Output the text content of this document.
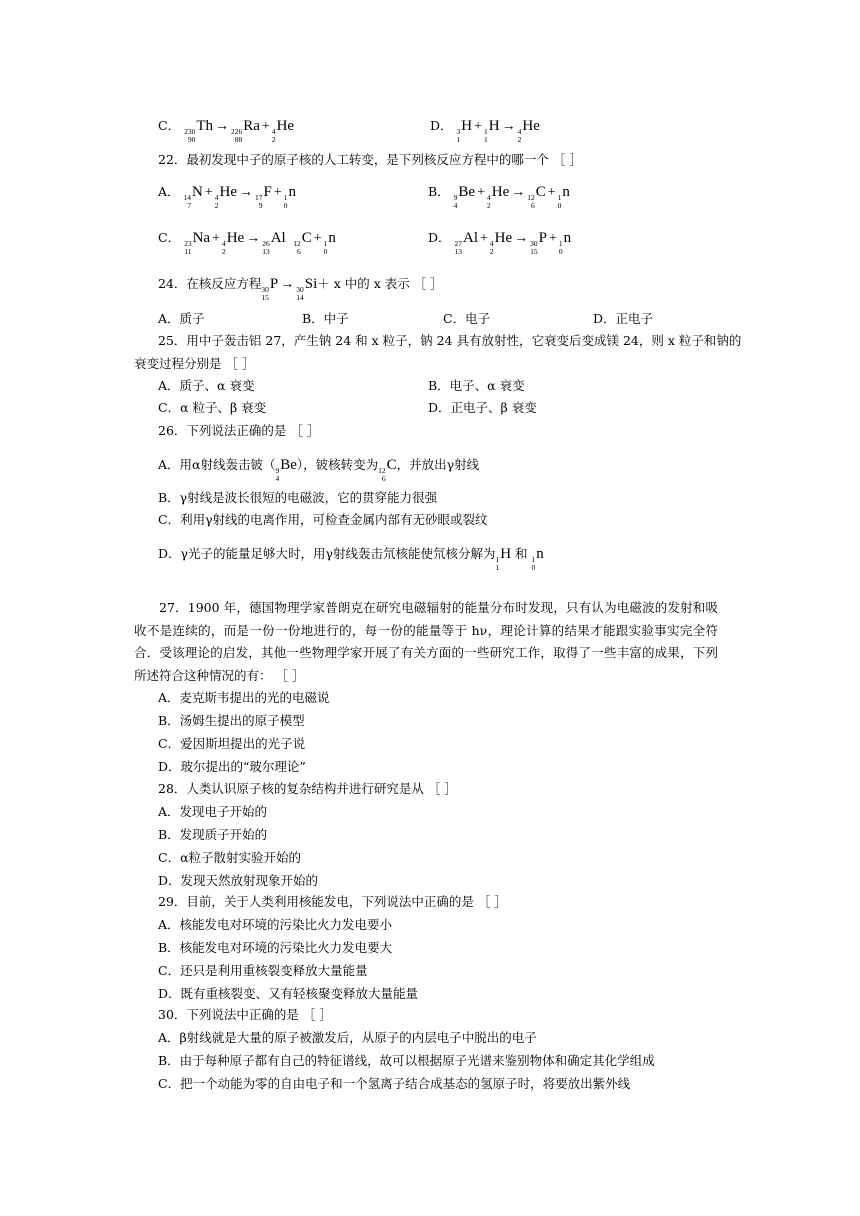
C． 230
90
Th → 226
88
Ra + 4
2
He	D． 3
1
H + 1
1
H → 4
2
He
22．最初发现中子的原子核的人工转变，是下列核反应方程中的哪一个 ［ ］
A． 14
7
N + 4
2
He → 17
9
F + 1
0
n	B． 9
4
Be + 4
2
He → 12
6
C + 1
0
n
C． 23
11
Na + 4
2
He → 26
13
Al 12
6
C + 1
0
n	D． 27
13
Al + 4
2
He → 30
15
P + 1
0
n
24．在核反应方程 30
15
P → 30
14
Si＋ x 中的 x 表示 ［ ］
A．质子	B．中子	C．电子	D．正电子
25．用中子轰击铝 27，产生钠 24 和 x 粒子，钠 24 具有放射性，它衰变后变成镁 24，则 x 粒子和钠的
衰变过程分别是 ［ ］
A．质子、α 衰变	B．电子、α 衰变
C．α 粒子、β 衰变	D．正电子、β 衰变
26．下列说法正确的是 ［ ］
A．用α射线轰击铍（ 9
4
Be），铍核转变为 12
6
C，并放出γ射线
B．γ射线是波长很短的电磁波，它的贯穿能力很强
C．利用γ射线的电离作用，可检查金属内部有无砂眼或裂纹
D．γ光子的能量足够大时，用γ射线轰击氘核能使氘核分解为 1
1
H 和 1
0
n
27．1900 年，德国物理学家普朗克在研究电磁辐射的能量分布时发现，只有认为电磁波的发射和吸收不是连续的，而是一份一份地进行的，每一份的能量等于 hν，理论计算的结果才能跟实验事实完全符合．受该理论的启发，其他一些物理学家开展了有关方面的一些研究工作，取得了一些丰富的成果，下列所述符合这种情况的有： ［ ］
A．麦克斯韦提出的光的电磁说
B．汤姆生提出的原子模型
C．爱因斯坦提出的光子说
D．玻尔提出的“玻尔理论”
28．人类认识原子核的复杂结构并进行研究是从 ［ ］
A．发现电子开始的
B．发现质子开始的
C．α粒子散射实验开始的
D．发现天然放射现象开始的
29．目前，关于人类利用核能发电，下列说法中正确的是 ［ ］
A．核能发电对环境的污染比火力发电要小
B．核能发电对环境的污染比火力发电要大
C．还只是利用重核裂变释放大量能量
D．既有重核裂变、又有轻核聚变释放大量能量
30．下列说法中正确的是 ［ ］
A．β射线就是大量的原子被激发后，从原子的内层电子中脱出的电子
B．由于每种原子都有自己的特征谱线，故可以根据原子光谱来鉴别物体和确定其化学组成
C．把一个动能为零的自由电子和一个氢离子结合成基态的氢原子时，将要放出紫外线
